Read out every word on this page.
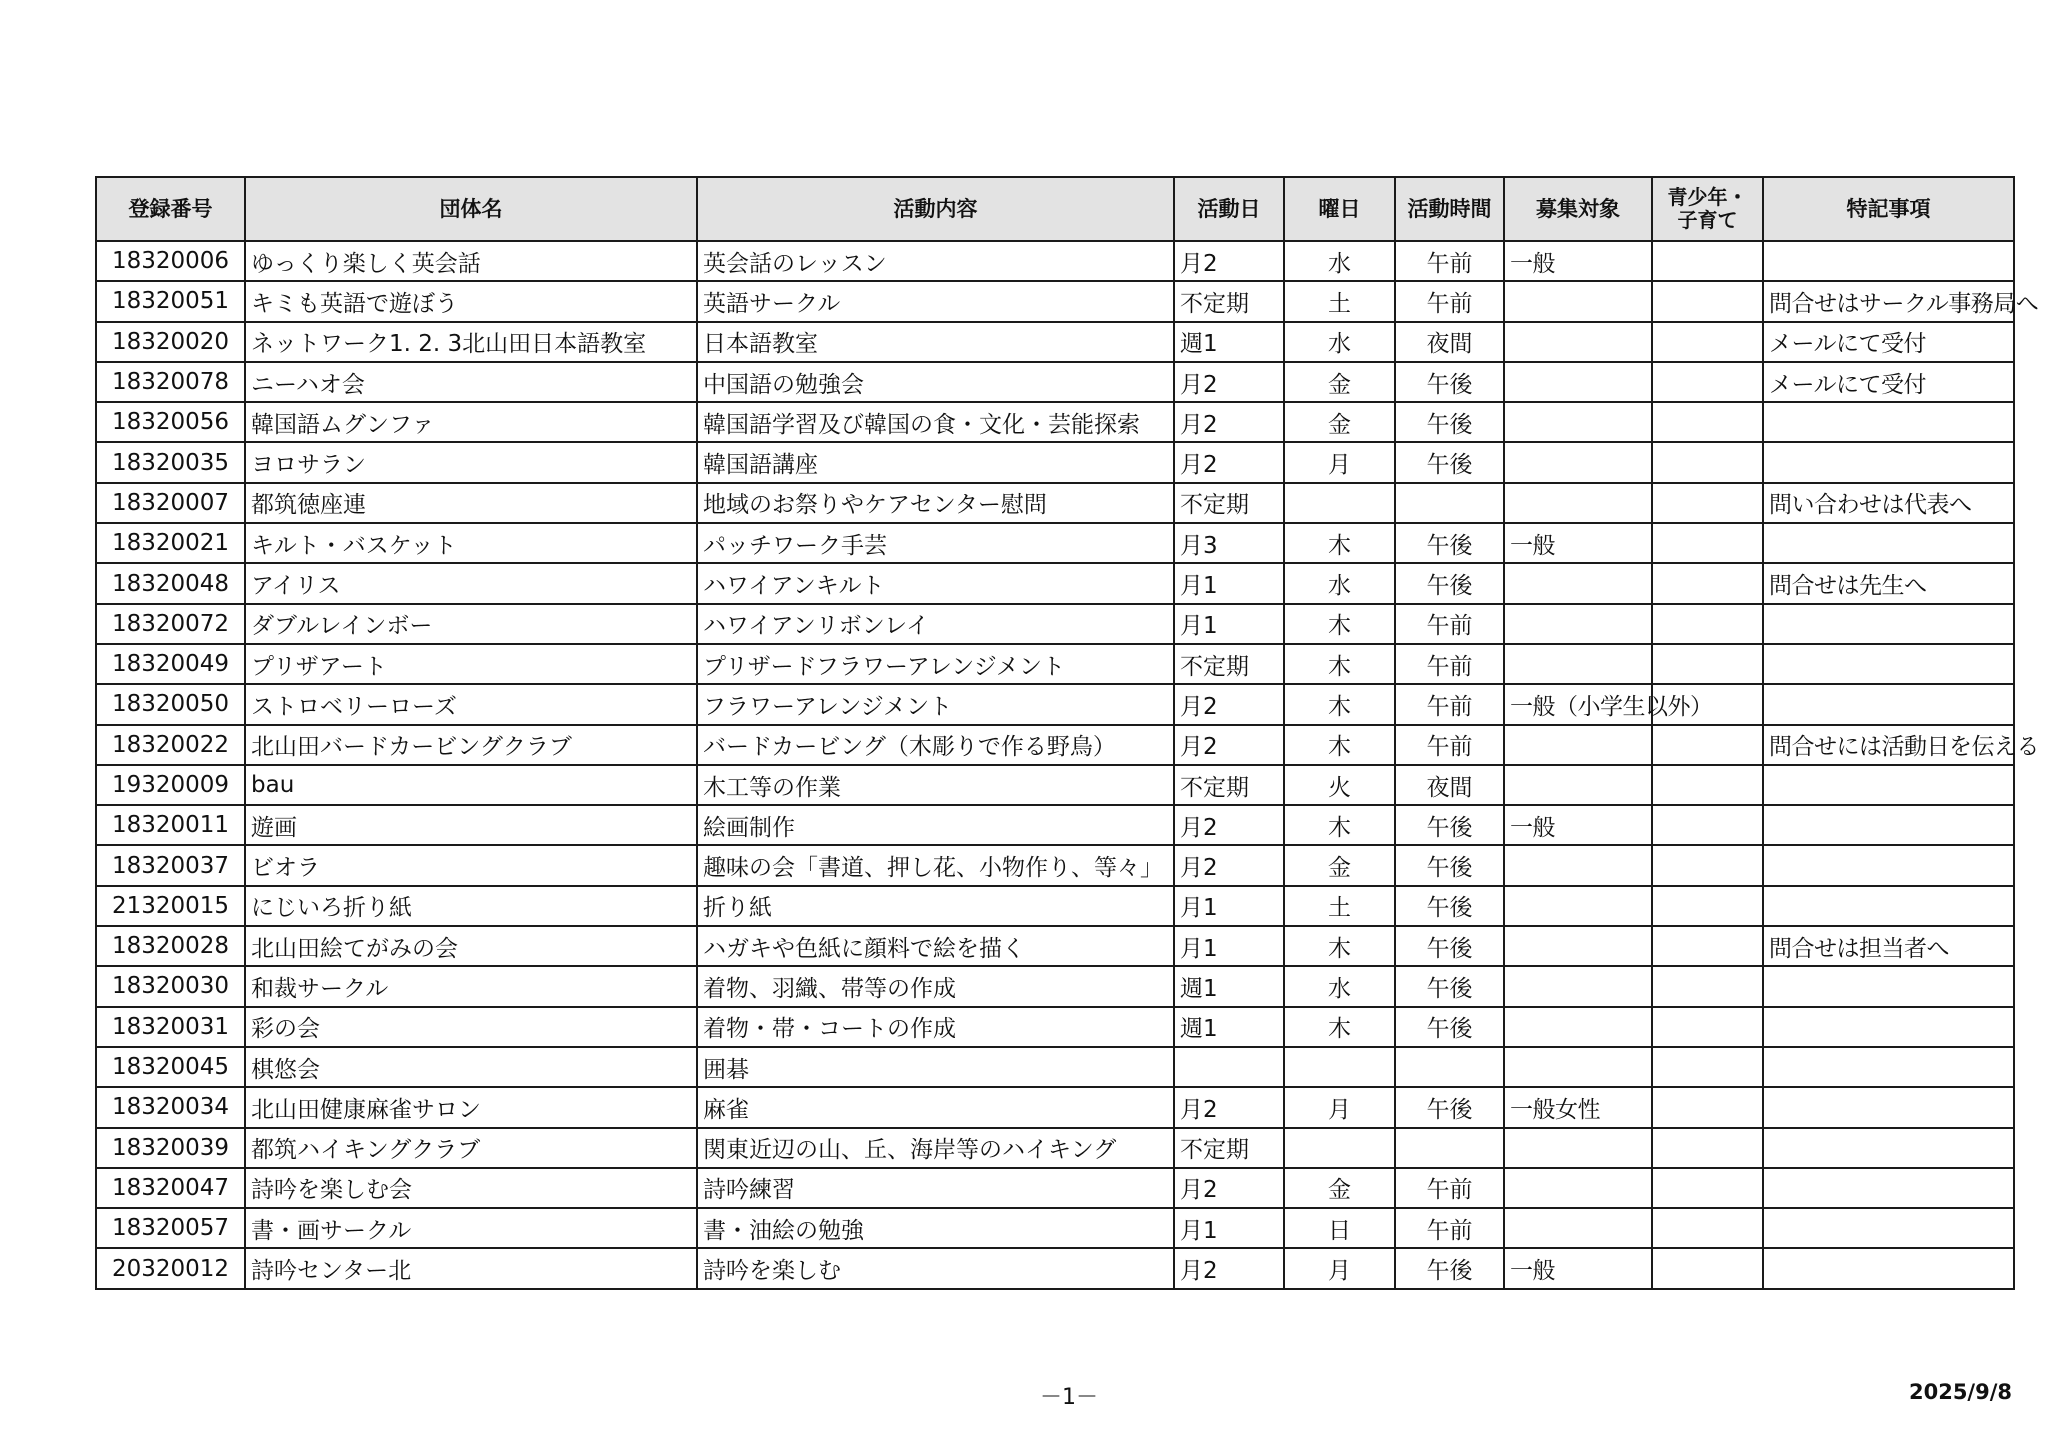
登録番号	団体名	活動内容	活動日	曜日	活動時間	募集対象	青少年・子育て	特記事項
18320006	ゆっくり楽しく英会話	英会話のレッスン	月2	水	午前	一般		
18320051	キミも英語で遊ぼう	英語サークル	不定期	土	午前			問合せはサークル事務局へ
18320020	ネットワーク1. 2. 3北山田日本語教室	日本語教室	週1	水	夜間			メールにて受付
18320078	ニーハオ会	中国語の勉強会	月2	金	午後			メールにて受付
18320056	韓国語ムグンファ	韓国語学習及び韓国の食・文化・芸能探索	月2	金	午後			
18320035	ヨロサラン	韓国語講座	月2	月	午後			
18320007	都筑徳座連	地域のお祭りやケアセンター慰問	不定期					問い合わせは代表へ
18320021	キルト・バスケット	パッチワーク手芸	月3	木	午後	一般		
18320048	アイリス	ハワイアンキルト	月1	水	午後			問合せは先生へ
18320072	ダブルレインボー	ハワイアンリボンレイ	月1	木	午前			
18320049	プリザアート	プリザードフラワーアレンジメント	不定期	木	午前			
18320050	ストロベリーローズ	フラワーアレンジメント	月2	木	午前	一般（小学生以外）		
18320022	北山田バードカービングクラブ	バードカービング（木彫りで作る野鳥）	月2	木	午前			問合せには活動日を伝える
19320009	bau	木工等の作業	不定期	火	夜間			
18320011	遊画	絵画制作	月2	木	午後	一般		
18320037	ビオラ	趣味の会「書道、押し花、小物作り、等々」	月2	金	午後			
21320015	にじいろ折り紙	折り紙	月1	土	午後			
18320028	北山田絵てがみの会	ハガキや色紙に顔料で絵を描く	月1	木	午後			問合せは担当者へ
18320030	和裁サークル	着物、羽織、帯等の作成	週1	水	午後			
18320031	彩の会	着物・帯・コートの作成	週1	木	午後			
18320045	棋悠会	囲碁						
18320034	北山田健康麻雀サロン	麻雀	月2	月	午後	一般女性		
18320039	都筑ハイキングクラブ	関東近辺の山、丘、海岸等のハイキング	不定期					
18320047	詩吟を楽しむ会	詩吟練習	月2	金	午前			
18320057	書・画サークル	書・油絵の勉強	月1	日	午前			
20320012	詩吟センター北	詩吟を楽しむ	月2	月	午後	一般		
－1－	2025/9/8
